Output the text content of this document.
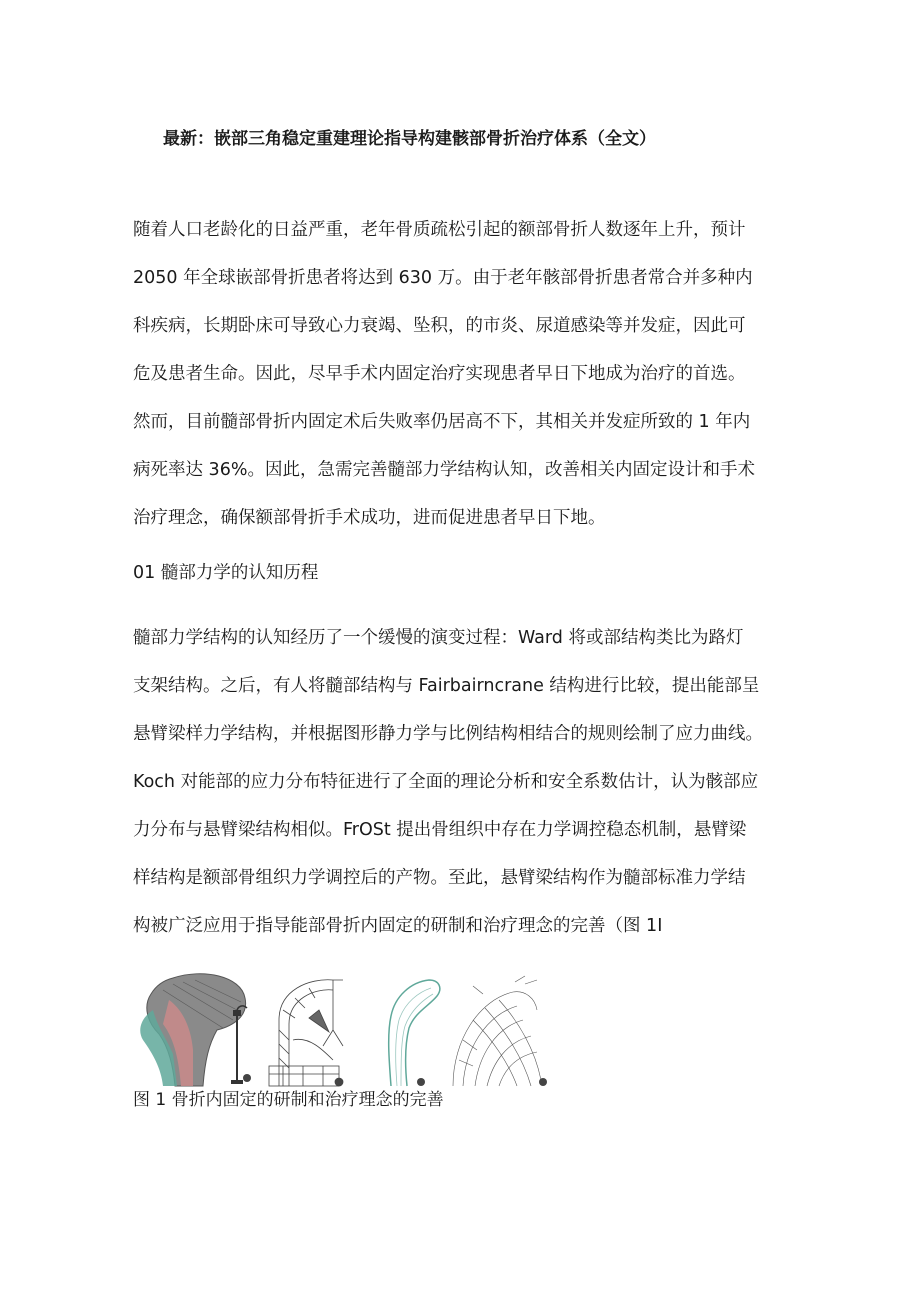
最新：嵌部三角稳定重建理论指导构建骸部骨折治疗体系（全文）
随着人口老龄化的日益严重，老年骨质疏松引起的额部骨折人数逐年上升，预计
2050 年全球嵌部骨折患者将达到 630 万。由于老年骸部骨折患者常合并多种内
科疾病，长期卧床可导致心力衰竭、坠积，的市炎、尿道感染等并发症，因此可
危及患者生命。因此，尽早手术内固定治疗实现患者早日下地成为治疗的首选。
然而，目前髓部骨折内固定术后失败率仍居高不下，其相关并发症所致的 1 年内
病死率达 36%。因此，急需完善髓部力学结构认知，改善相关内固定设计和手术
治疗理念，确保额部骨折手术成功，进而促进患者早日下地。
01 髓部力学的认知历程
髓部力学结构的认知经历了一个缓慢的演变过程：Ward 将或部结构类比为路灯
支架结构。之后，有人将髓部结构与 Fairbairncrane 结构进行比较，提出能部呈
悬臂梁样力学结构，并根据图形静力学与比例结构相结合的规则绘制了应力曲线。
Koch 对能部的应力分布特征进行了全面的理论分析和安全系数估计，认为骸部应
力分布与悬臂梁结构相似。FrOSt 提出骨组织中存在力学调控稳态机制，悬臂梁
样结构是额部骨组织力学调控后的产物。至此，悬臂梁结构作为髓部标准力学结
构被广泛应用于指导能部骨折内固定的研制和治疗理念的完善（图 1I
图 1 骨折内固定的研制和治疗理念的完善
